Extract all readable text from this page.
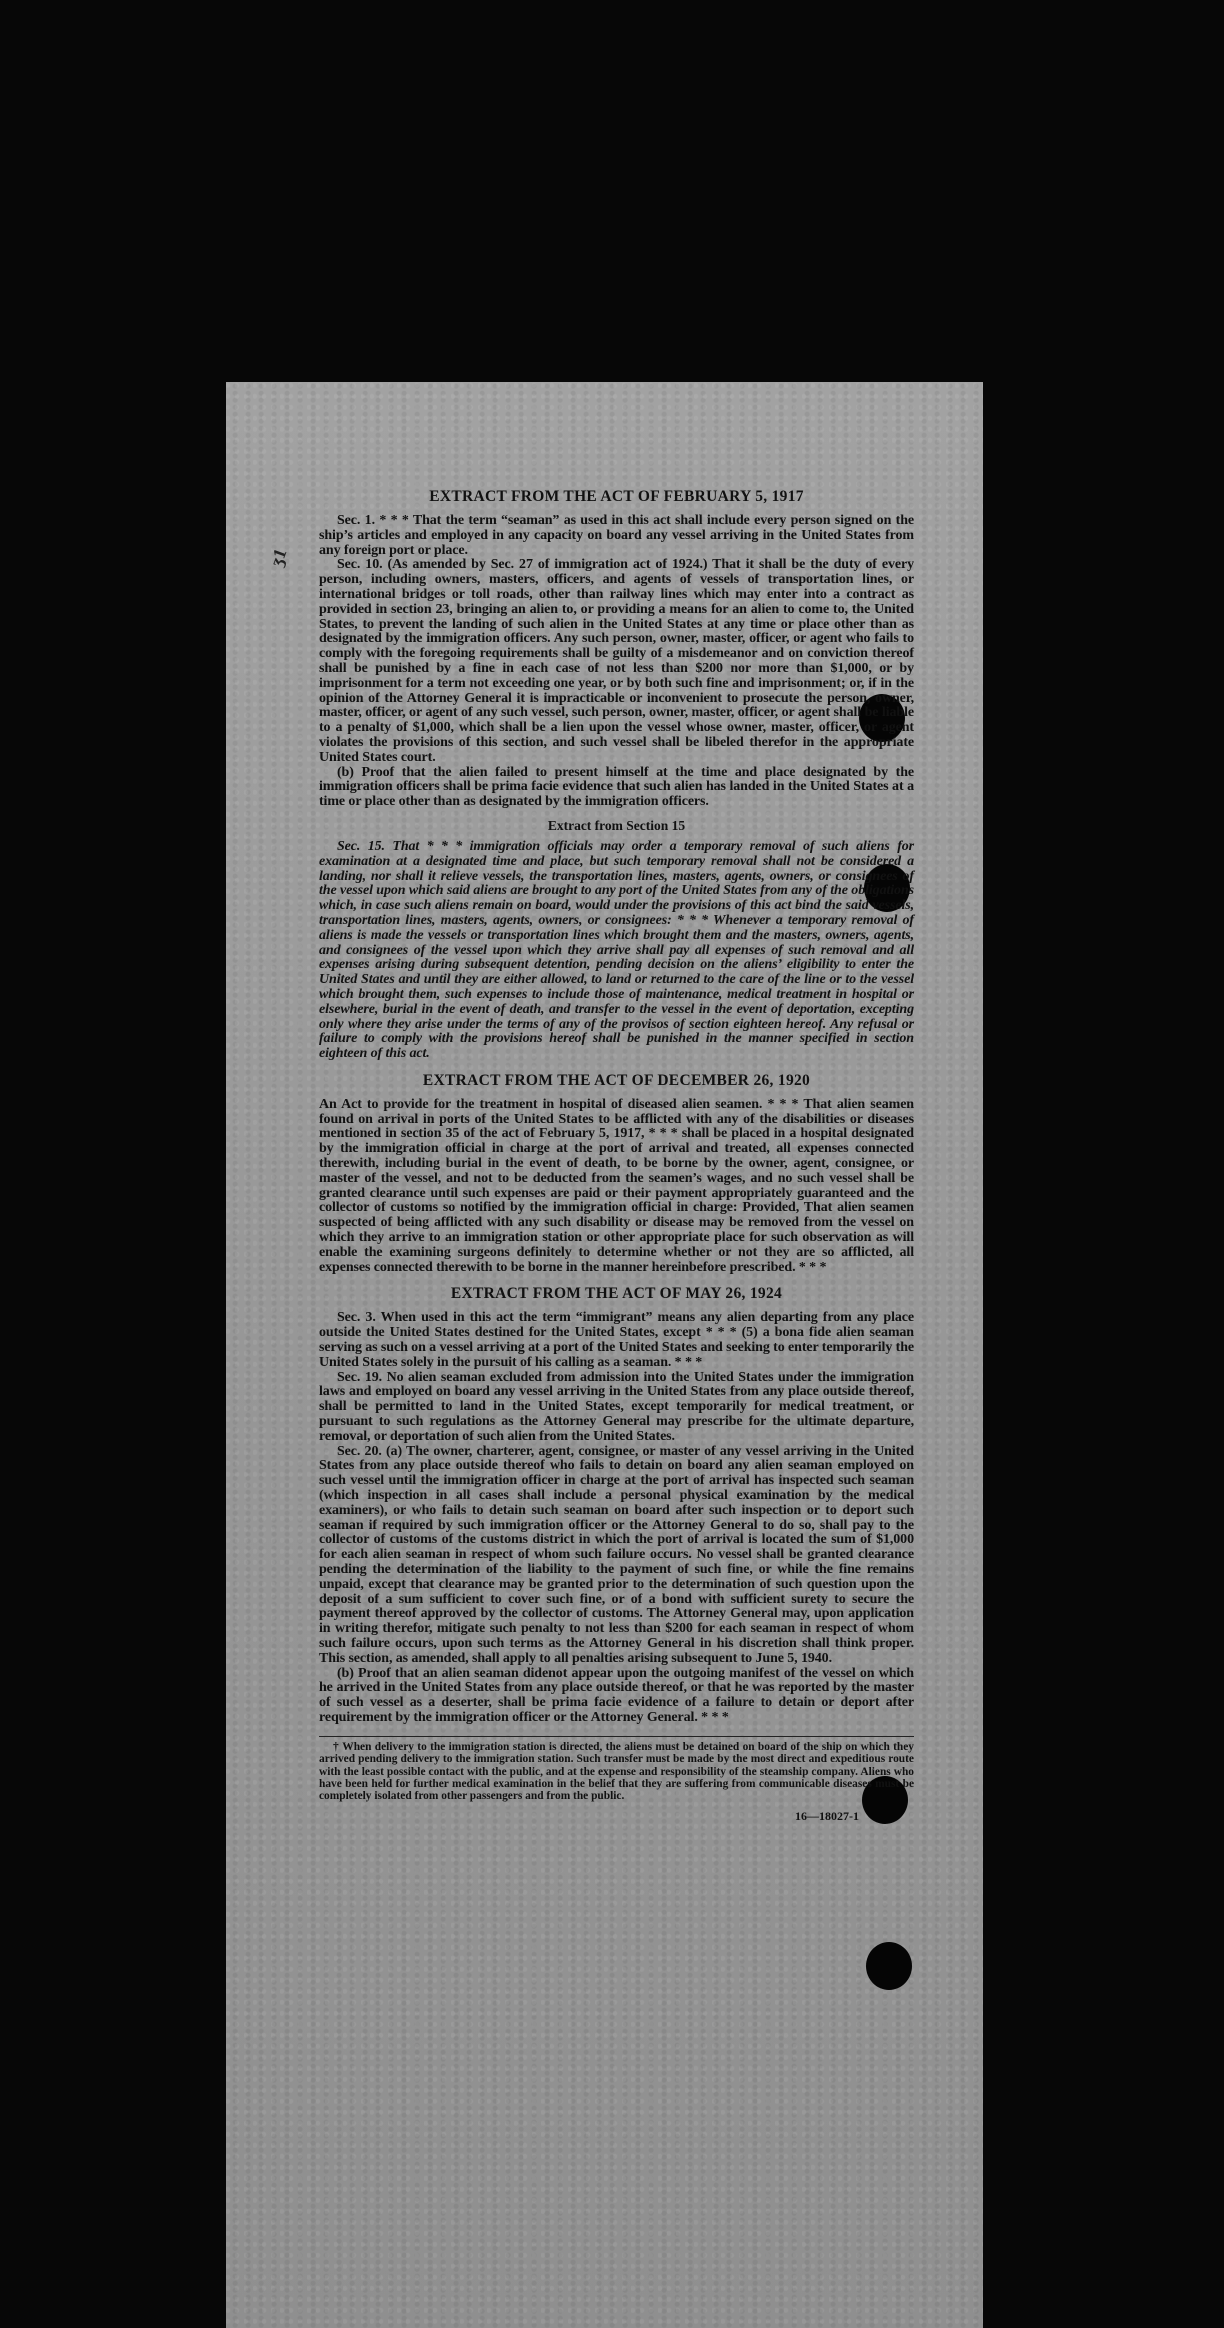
ʒ1
EXTRACT FROM THE ACT OF FEBRUARY 5, 1917

Sec. 1. * * * That the term “seaman” as used in this act shall include every person signed on the ship’s articles and employed in any capacity on board any vessel arriving in the United States from any foreign port or place.

Sec. 10. (As amended by Sec. 27 of immigration act of 1924.) That it shall be the duty of every person, including owners, masters, officers, and agents of vessels of transportation lines, or international bridges or toll roads, other than railway lines which may enter into a contract as provided in section 23, bringing an alien to, or providing a means for an alien to come to, the United States, to prevent the landing of such alien in the United States at any time or place other than as designated by the immigration officers. Any such person, owner, master, officer, or agent who fails to comply with the foregoing requirements shall be guilty of a misdemeanor and on conviction thereof shall be punished by a fine in each case of not less than $200 nor more than $1,000, or by imprisonment for a term not exceeding one year, or by both such fine and imprisonment; or, if in the opinion of the Attorney General it is impracticable or inconvenient to prosecute the person, owner, master, officer, or agent of any such vessel, such person, owner, master, officer, or agent shall be liable to a penalty of $1,000, which shall be a lien upon the vessel whose owner, master, officer, or agent violates the provisions of this section, and such vessel shall be libeled therefor in the appropriate United States court.

(b) Proof that the alien failed to present himself at the time and place designated by the immigration officers shall be prima facie evidence that such alien has landed in the United States at a time or place other than as designated by the immigration officers.

Extract from Section 15

Sec. 15. That * * * immigration officials may order a temporary removal of such aliens for examination at a designated time and place, but such temporary removal shall not be considered a landing, nor shall it relieve vessels, the transportation lines, masters, agents, owners, or consignees of the vessel upon which said aliens are brought to any port of the United States from any of the obligations which, in case such aliens remain on board, would under the provisions of this act bind the said vessels, transportation lines, masters, agents, owners, or consignees: * * * Whenever a temporary removal of aliens is made the vessels or transportation lines which brought them and the masters, owners, agents, and consignees of the vessel upon which they arrive shall pay all expenses of such removal and all expenses arising during subsequent detention, pending decision on the aliens’ eligibility to enter the United States and until they are either allowed, to land or returned to the care of the line or to the vessel which brought them, such expenses to include those of maintenance, medical treatment in hospital or elsewhere, burial in the event of death, and transfer to the vessel in the event of deportation, excepting only where they arise under the terms of any of the provisos of section eighteen hereof. Any refusal or failure to comply with the provisions hereof shall be punished in the manner specified in section eighteen of this act.

EXTRACT FROM THE ACT OF DECEMBER 26, 1920

An Act to provide for the treatment in hospital of diseased alien seamen. * * * That alien seamen found on arrival in ports of the United States to be afflicted with any of the disabilities or diseases mentioned in section 35 of the act of February 5, 1917, * * * shall be placed in a hospital designated by the immigration official in charge at the port of arrival and treated, all expenses connected therewith, including burial in the event of death, to be borne by the owner, agent, consignee, or master of the vessel, and not to be deducted from the seamen’s wages, and no such vessel shall be granted clearance until such expenses are paid or their payment appropriately guaranteed and the collector of customs so notified by the immigration official in charge: Provided, That alien seamen suspected of being afflicted with any such disability or disease may be removed from the vessel on which they arrive to an immigration station or other appropriate place for such observation as will enable the examining surgeons definitely to determine whether or not they are so afflicted, all expenses connected therewith to be borne in the manner hereinbefore prescribed. * * *

EXTRACT FROM THE ACT OF MAY 26, 1924

Sec. 3. When used in this act the term “immigrant” means any alien departing from any place outside the United States destined for the United States, except * * * (5) a bona fide alien seaman serving as such on a vessel arriving at a port of the United States and seeking to enter temporarily the United States solely in the pursuit of his calling as a seaman. * * *

Sec. 19. No alien seaman excluded from admission into the United States under the immigration laws and employed on board any vessel arriving in the United States from any place outside thereof, shall be permitted to land in the United States, except temporarily for medical treatment, or pursuant to such regulations as the Attorney General may prescribe for the ultimate departure, removal, or deportation of such alien from the United States.

Sec. 20. (a) The owner, charterer, agent, consignee, or master of any vessel arriving in the United States from any place outside thereof who fails to detain on board any alien seaman employed on such vessel until the immigration officer in charge at the port of arrival has inspected such seaman (which inspection in all cases shall include a personal physical examination by the medical examiners), or who fails to detain such seaman on board after such inspection or to deport such seaman if required by such immigration officer or the Attorney General to do so, shall pay to the collector of customs of the customs district in which the port of arrival is located the sum of $1,000 for each alien seaman in respect of whom such failure occurs. No vessel shall be granted clearance pending the determination of the liability to the payment of such fine, or while the fine remains unpaid, except that clearance may be granted prior to the determination of such question upon the deposit of a sum sufficient to cover such fine, or of a bond with sufficient surety to secure the payment thereof approved by the collector of customs. The Attorney General may, upon application in writing therefor, mitigate such penalty to not less than $200 for each seaman in respect of whom such failure occurs, upon such terms as the Attorney General in his discretion shall think proper. This section, as amended, shall apply to all penalties arising subsequent to June 5, 1940.

(b) Proof that an alien seaman didenot appear upon the outgoing manifest of the vessel on which he arrived in the United States from any place outside thereof, or that he was reported by the master of such vessel as a deserter, shall be prima facie evidence of a failure to detain or deport after requirement by the immigration officer or the Attorney General. * * *

† When delivery to the immigration station is directed, the aliens must be detained on board of the ship on which they arrived pending delivery to the immigration station. Such transfer must be made by the most direct and expeditious route with the least possible contact with the public, and at the expense and responsibility of the steamship company. Aliens who have been held for further medical examination in the belief that they are suffering from communicable diseases must be completely isolated from other passengers and from the public.

16—18027-1
